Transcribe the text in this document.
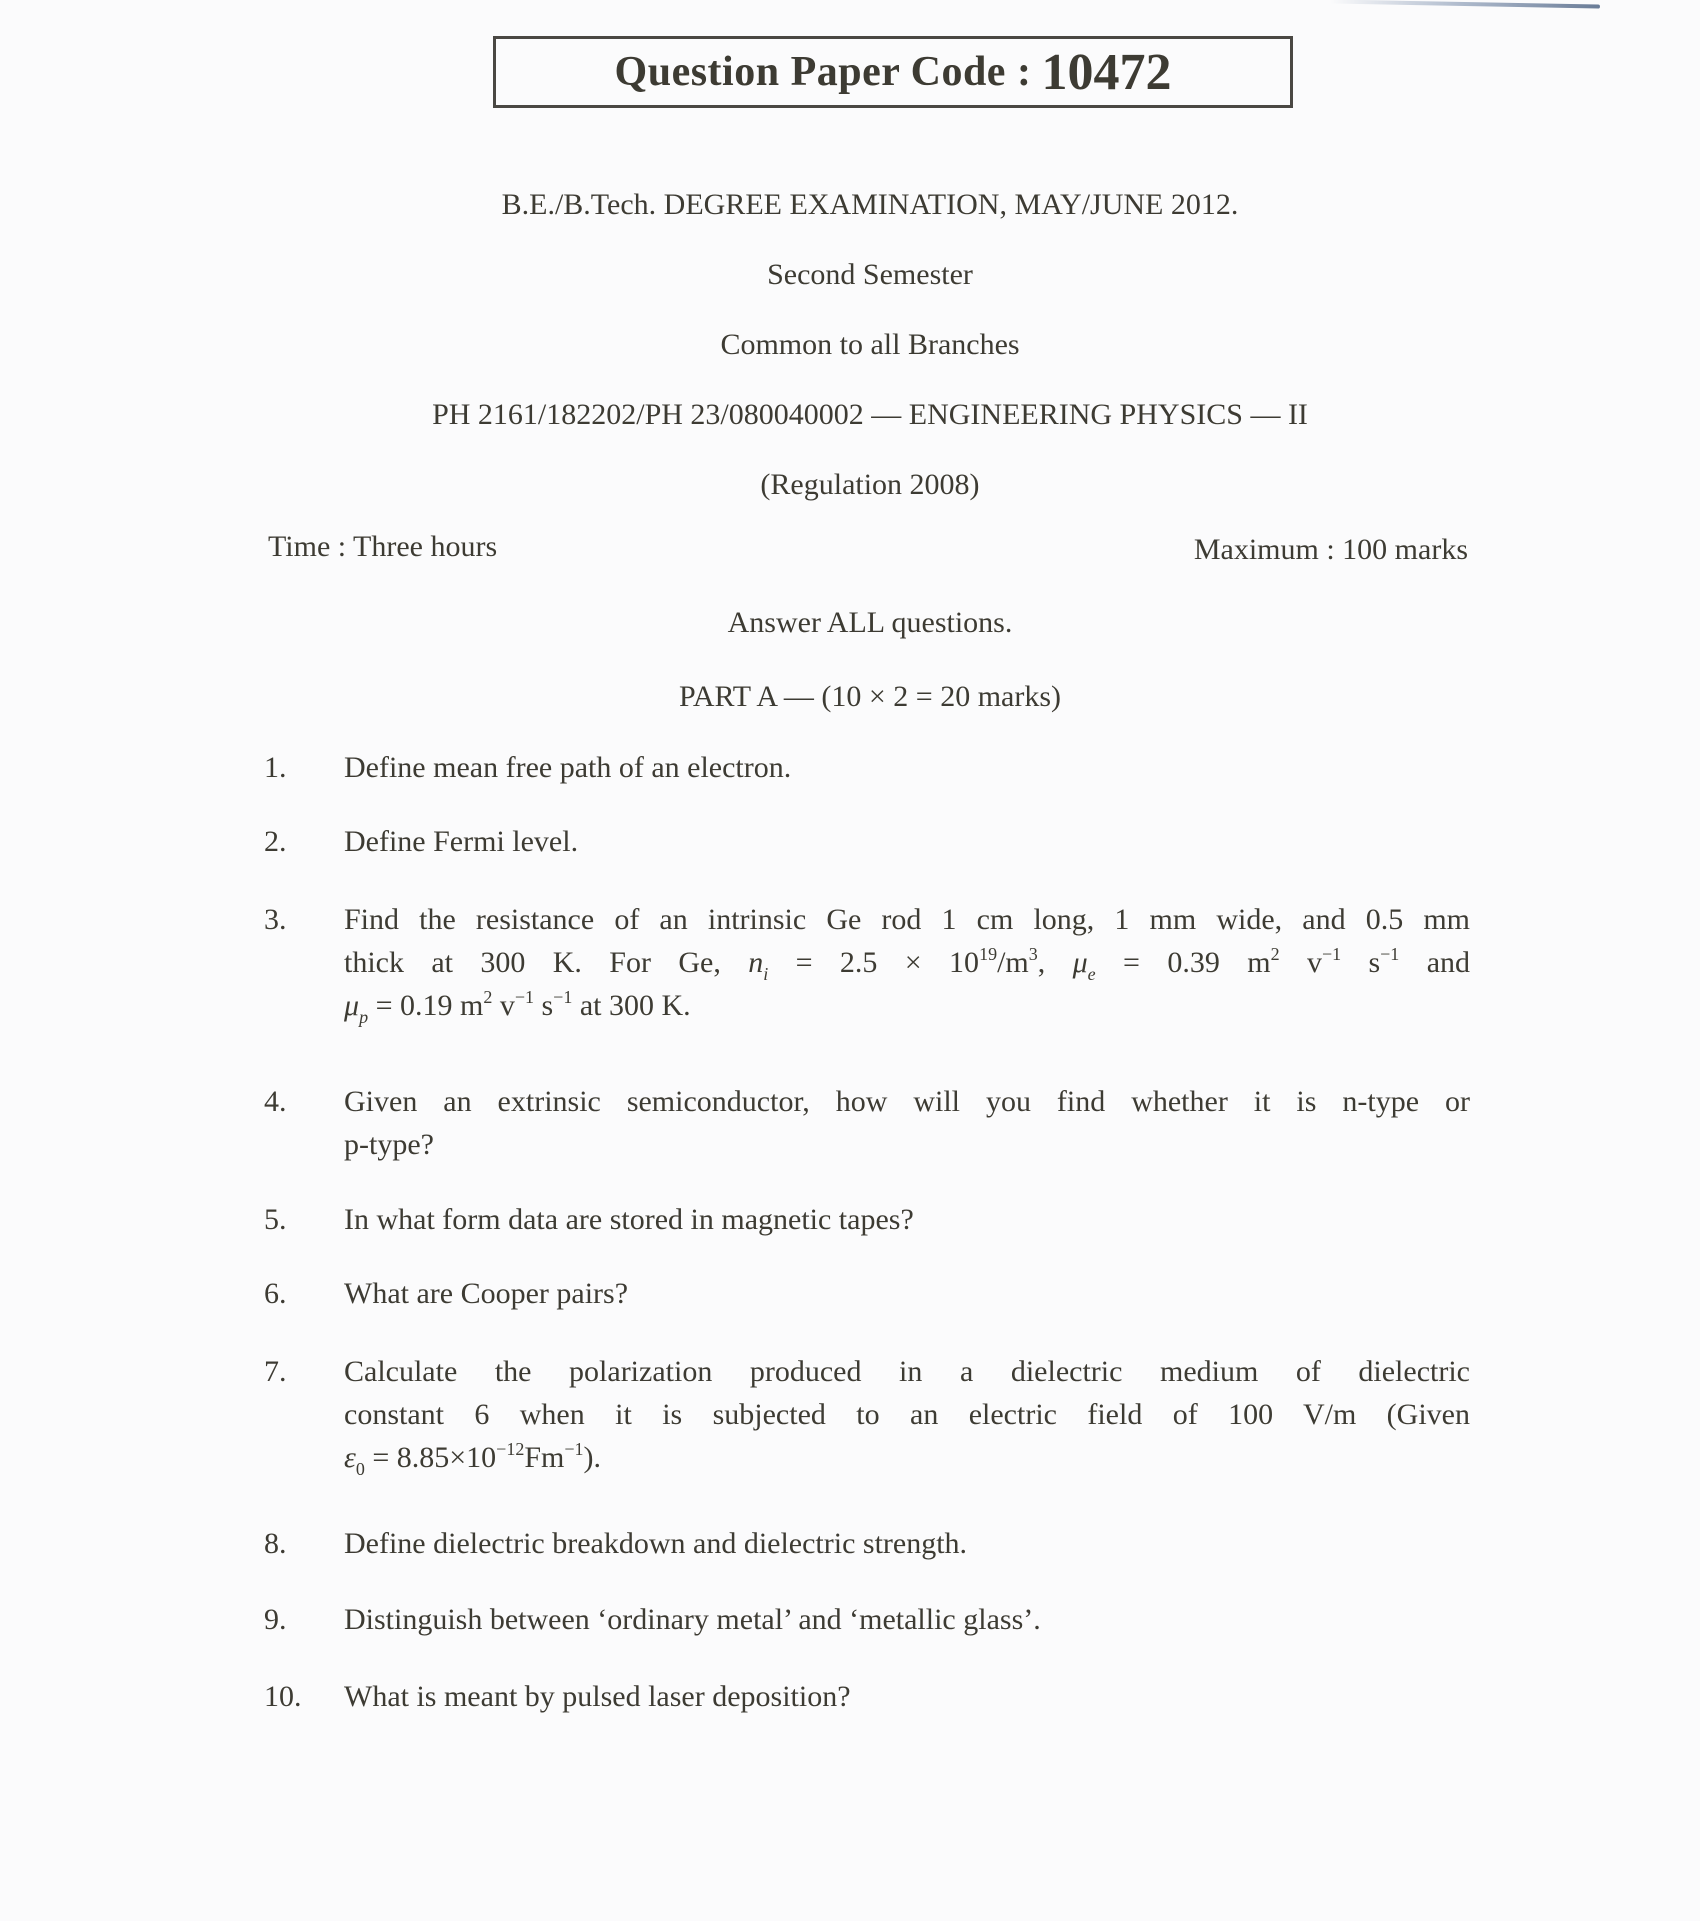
Question Paper Code : 10472
B.E./B.Tech. DEGREE EXAMINATION, MAY/JUNE 2012.
Second Semester
Common to all Branches
PH 2161/182202/PH 23/080040002 — ENGINEERING PHYSICS — II
(Regulation 2008)
Time : Three hours	Maximum : 100 marks
Answer ALL questions.
PART A — (10 × 2 = 20 marks)
1.	Define mean free path of an electron.
2.	Define Fermi level.
3.	Find the resistance of an intrinsic Ge rod 1 cm long, 1 mm wide, and 0.5 mm
thick at 300 K. For Ge, $n_i = 2.5 \times 10^{19}/m^3$, $\mu_e = 0.39$ $m^2$ $v^{-1}$ $s^{-1}$ and
$\mu_p = 0.19$ $m^2$ $v^{-1}$ $s^{-1}$ at 300 K.
4.	Given an extrinsic semiconductor, how will you find whether it is n-type or
p-type?
5.	In what form data are stored in magnetic tapes?
6.	What are Cooper pairs?
7.	Calculate the polarization produced in a dielectric medium of dielectric
constant 6 when it is subjected to an electric field of 100 V/m (Given
$\varepsilon_0 = 8.85\times 10^{-12}Fm^{-1}$).
8.	Define dielectric breakdown and dielectric strength.
9.	Distinguish between ‘ordinary metal’ and ‘metallic glass’.
10.	What is meant by pulsed laser deposition?
